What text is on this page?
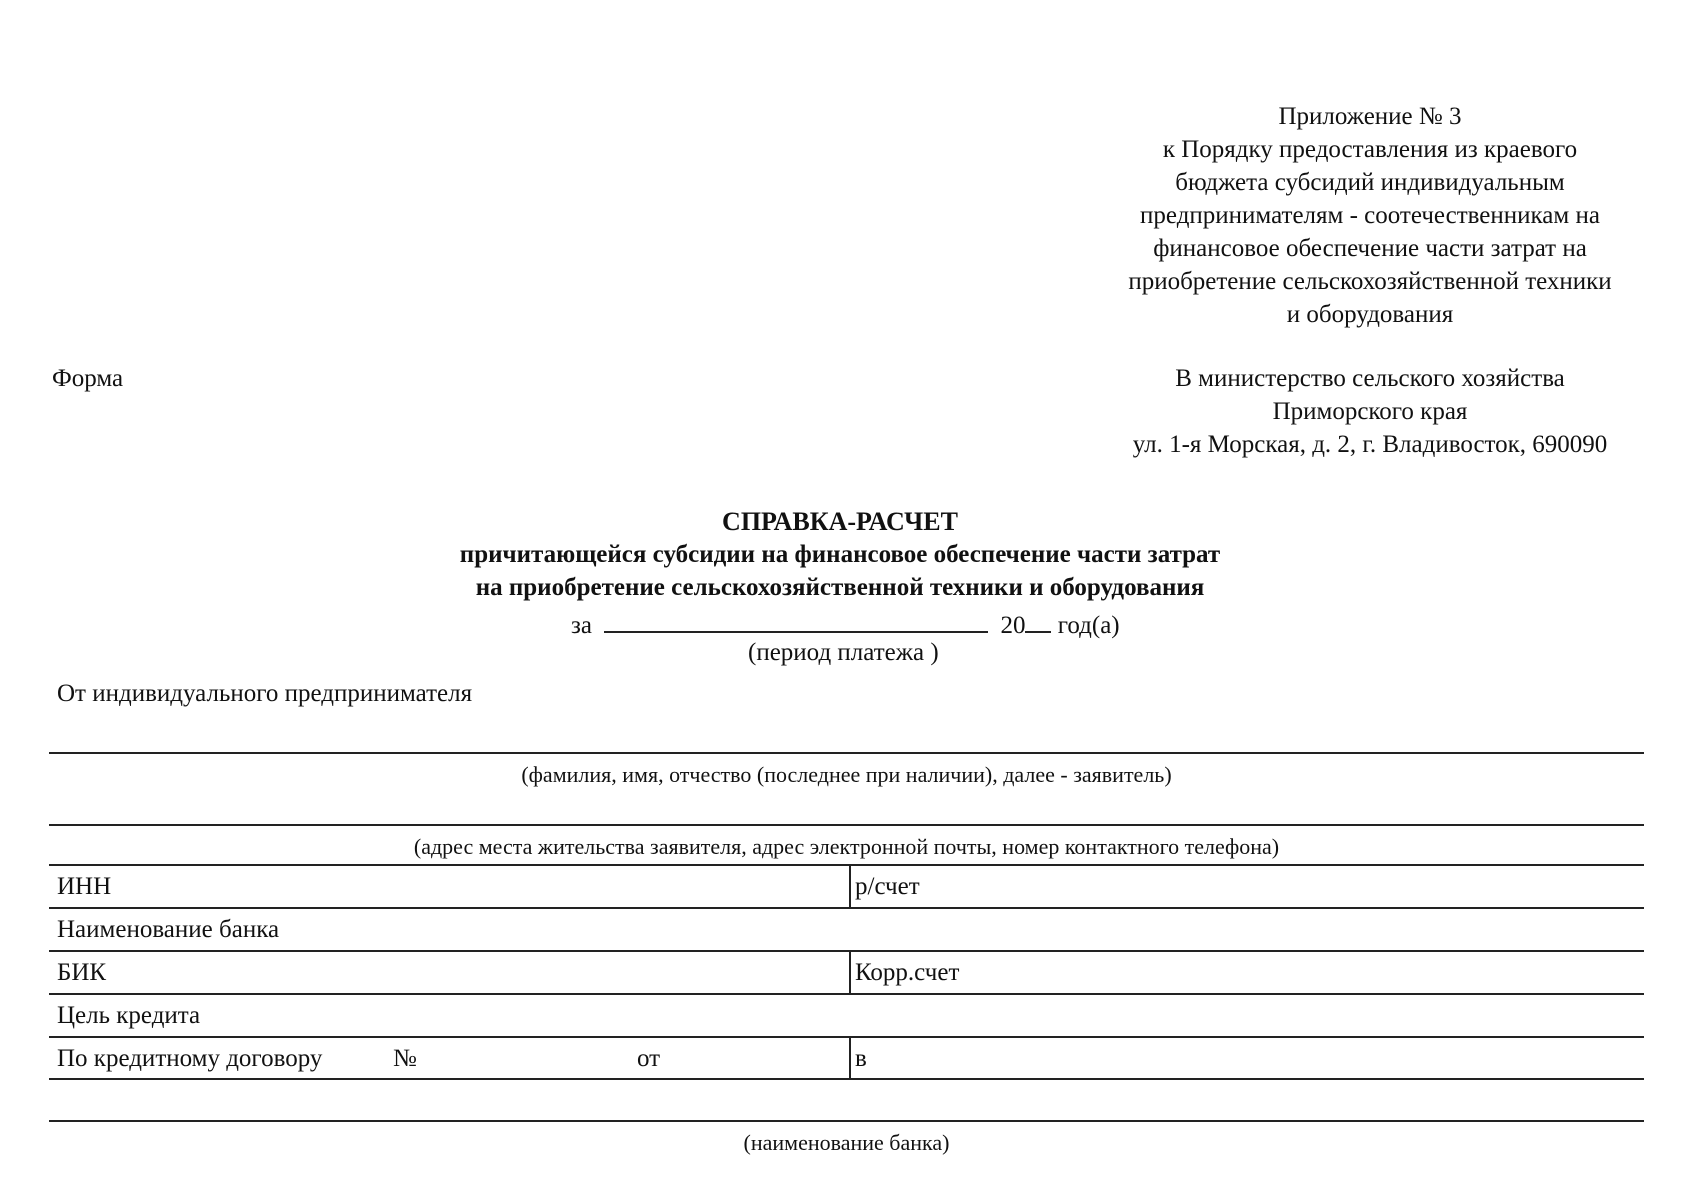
Приложение № 3
к Порядку предоставления из краевого
бюджета субсидий индивидуальным
предпринимателям - соотечественникам на
финансовое обеспечение части затрат на
приобретение сельскохозяйственной техники
и оборудования
Форма	В министерство сельского хозяйства
Приморского края
ул. 1-я Морская, д. 2, г. Владивосток, 690090
СПРАВКА-РАСЧЕТ
причитающейся субсидии на финансовое обеспечение части затрат
на приобретение сельскохозяйственной техники и оборудования
за	20 год(а)
(период платежа )
От индивидуального предпринимателя
(фамилия, имя, отчество (последнее при наличии), далее - заявитель)
(адрес места жительства заявителя, адрес электронной почты, номер контактного телефона)
ИНН	р/счет
Наименование банка
БИК	Корр.счет
Цель кредита
По кредитному договору	№	от	в
(наименование банка)
